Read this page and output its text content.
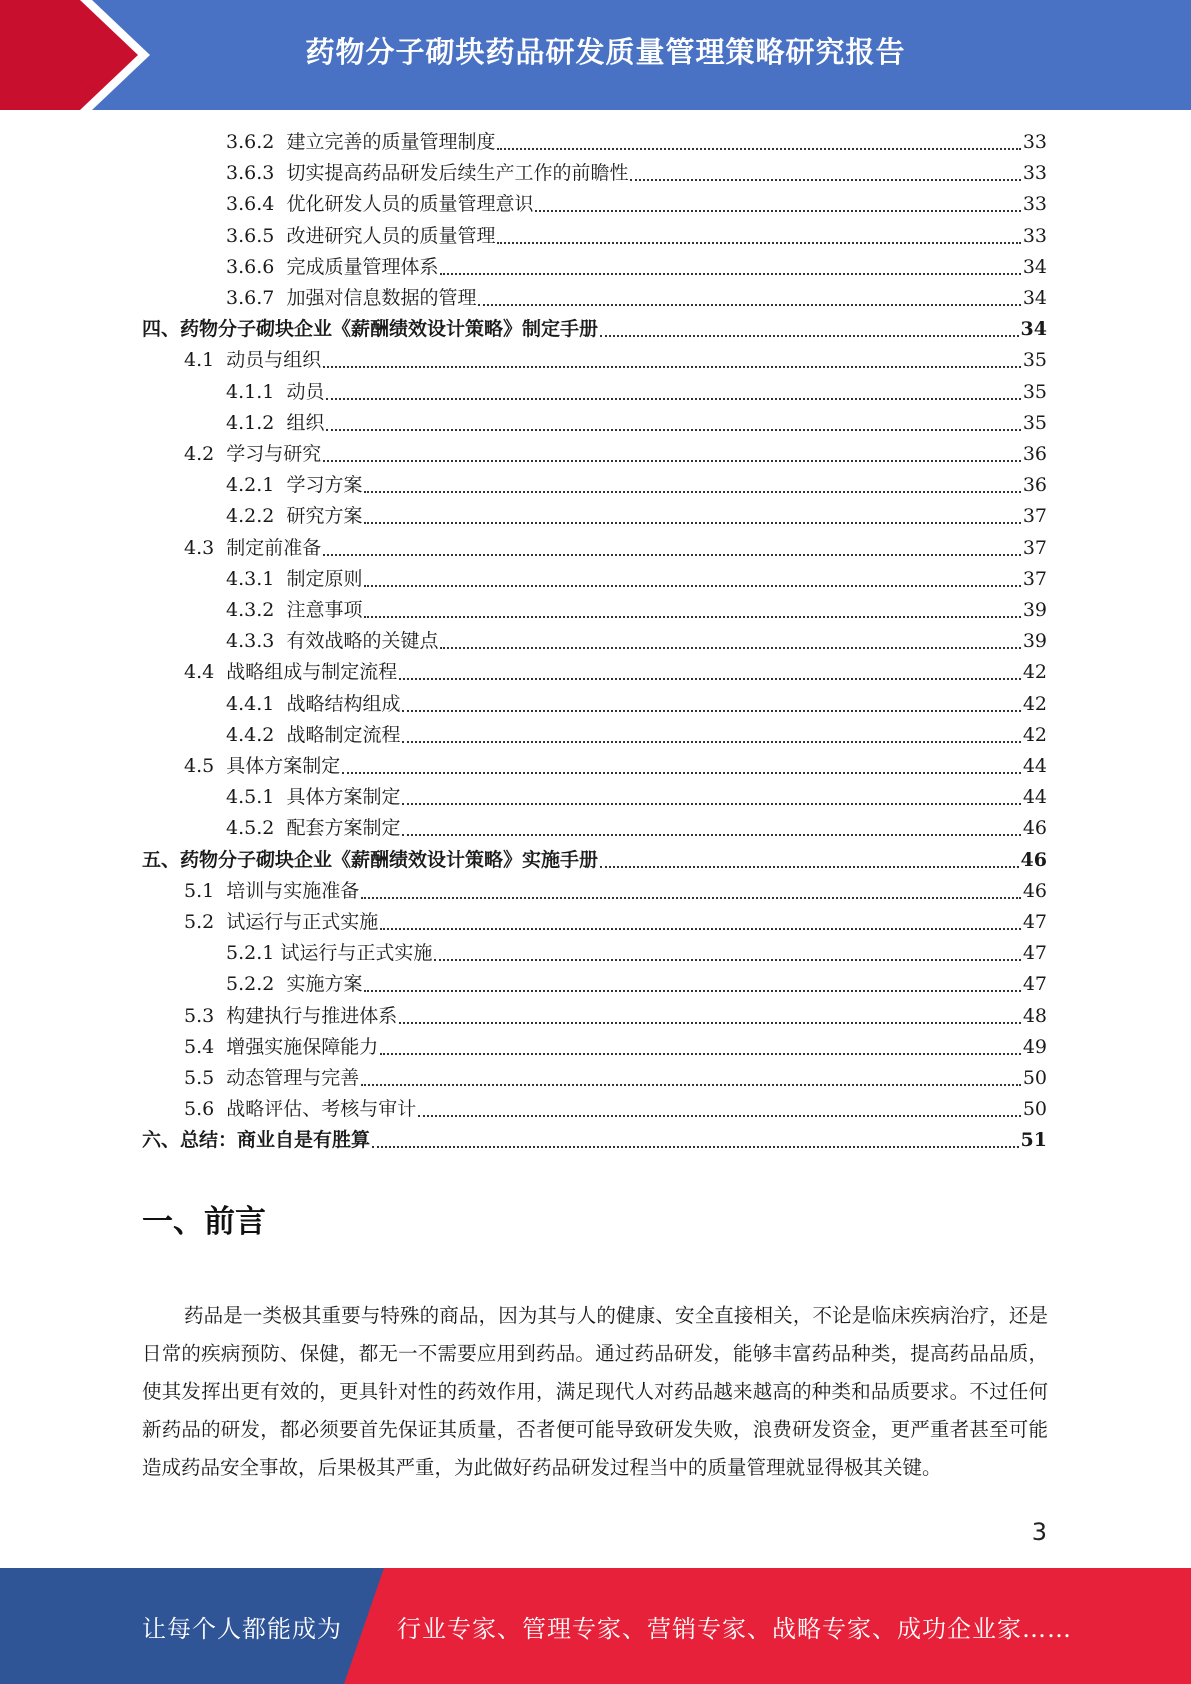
药物分子砌块药品研发质量管理策略研究报告
3.6.2 建立完善的质量管理制度	33
3.6.3 切实提高药品研发后续生产工作的前瞻性	33
3.6.4 优化研发人员的质量管理意识	33
3.6.5 改进研究人员的质量管理	33
3.6.6 完成质量管理体系	34
3.6.7 加强对信息数据的管理	34
四、药物分子砌块企业《薪酬绩效设计策略》制定手册	34
4.1 动员与组织	35
4.1.1 动员	35
4.1.2 组织	35
4.2 学习与研究	36
4.2.1 学习方案	36
4.2.2 研究方案	37
4.3 制定前准备	37
4.3.1 制定原则	37
4.3.2 注意事项	39
4.3.3 有效战略的关键点	39
4.4 战略组成与制定流程	42
4.4.1 战略结构组成	42
4.4.2 战略制定流程	42
4.5 具体方案制定	44
4.5.1 具体方案制定	44
4.5.2 配套方案制定	46
五、药物分子砌块企业《薪酬绩效设计策略》实施手册	46
5.1 培训与实施准备	46
5.2 试运行与正式实施	47
5.2.1 试运行与正式实施	47
5.2.2 实施方案	47
5.3 构建执行与推进体系	48
5.4 增强实施保障能力	49
5.5 动态管理与完善	50
5.6 战略评估、考核与审计	50
六、总结：商业自是有胜算	51
一、前言
药品是一类极其重要与特殊的商品，因为其与人的健康、安全直接相关，不论是临床疾病治疗，还是日常的疾病预防、保健，都无一不需要应用到药品。通过药品研发，能够丰富药品种类，提高药品品质，使其发挥出更有效的，更具针对性的药效作用，满足现代人对药品越来越高的种类和品质要求。不过任何新药品的研发，都必须要首先保证其质量，否者便可能导致研发失败，浪费研发资金，更严重者甚至可能造成药品安全事故，后果极其严重，为此做好药品研发过程当中的质量管理就显得极其关键。
3
让每个人都能成为 行业专家、管理专家、营销专家、战略专家、成功企业家……
